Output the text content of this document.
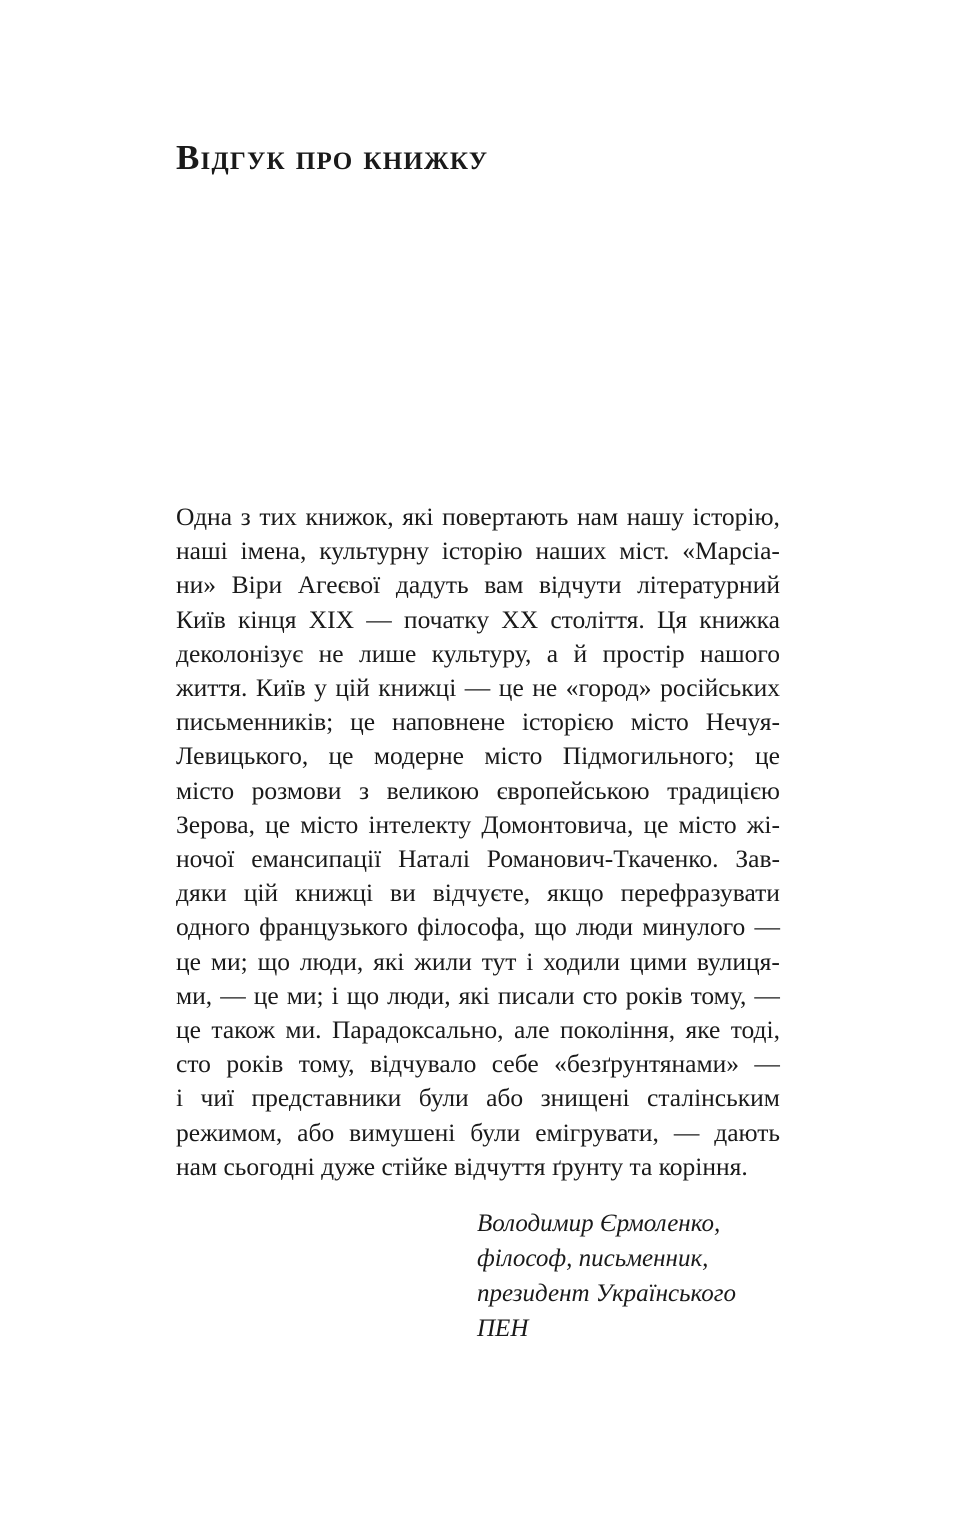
Відгук про книжку
Одна з тих книжок, які повертають нам нашу історію,
наші імена, культурну історію наших міст. «Марсіа-
ни» Віри Агеєвої дадуть вам відчути літературний
Київ кінця XIX — початку XX століття. Ця книжка
деколонізує не лише культуру, а й простір нашого
життя. Київ у цій книжці — це не «город» російських
письменників; це наповнене історією місто Нечуя-
Левицького, це модерне місто Підмогильного; це
місто розмови з великою європейською традицією
Зерова, це місто інтелекту Домонтовича, це місто жі-
ночої емансипації Наталі Романович-Ткаченко. Зав-
дяки цій книжці ви відчуєте, якщо перефразувати
одного французького філософа, що люди минулого —
це ми; що люди, які жили тут і ходили цими вулиця-
ми, — це ми; і що люди, які писали сто років тому, —
це також ми. Парадоксально, але покоління, яке тоді,
сто років тому, відчувало себе «безґрунтянами» —
і чиї представники були або знищені сталінським
режимом, або вимушені були емігрувати, — дають
нам сьогодні дуже стійке відчуття ґрунту та коріння.
Володимир Єрмоленко,
філософ, письменник,
президент Українського
ПЕН
